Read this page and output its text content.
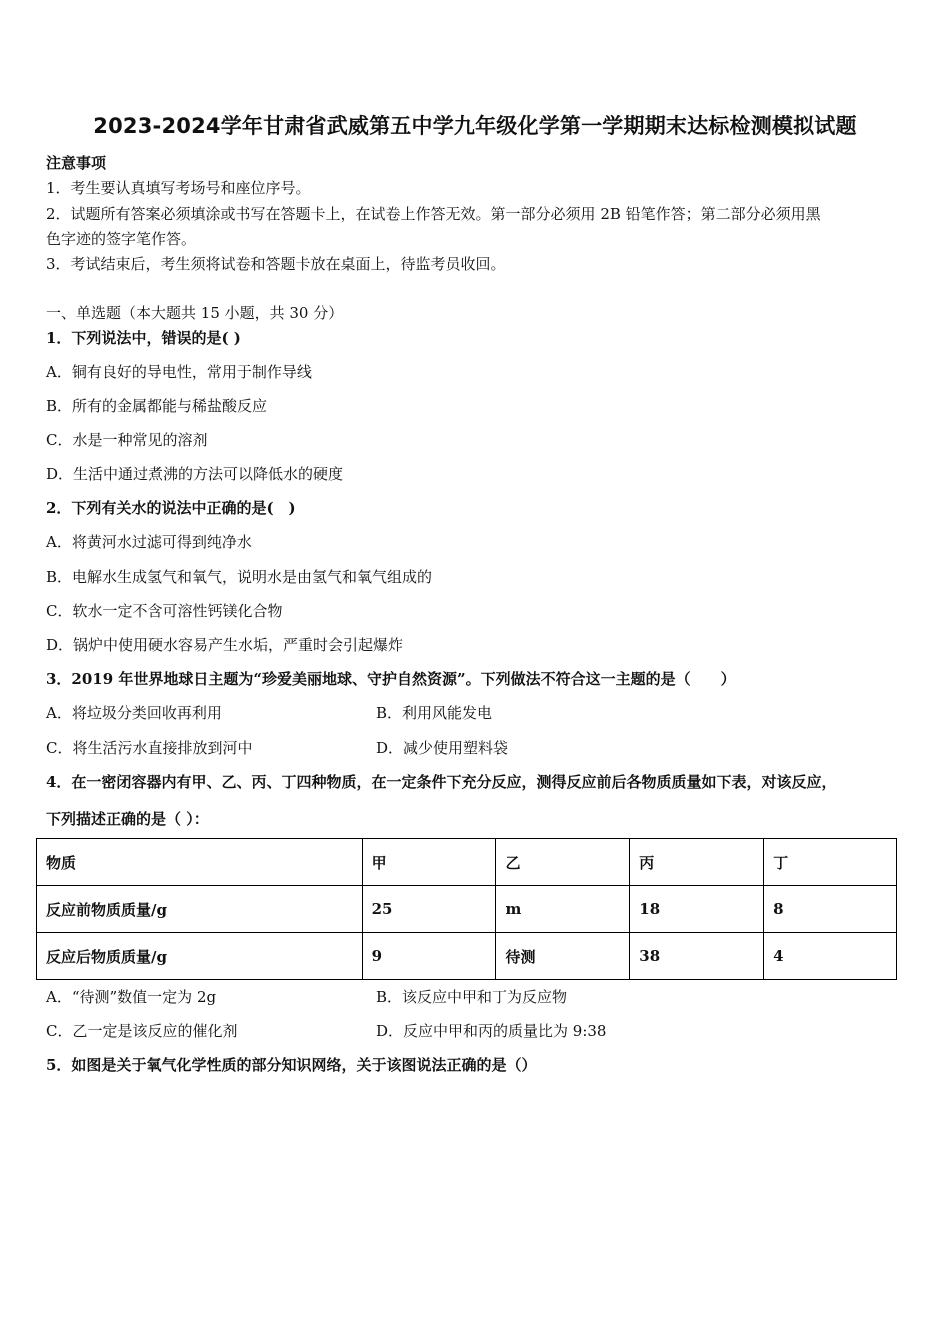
2023-2024学年甘肃省武威第五中学九年级化学第一学期期末达标检测模拟试题
注意事项
1．考生要认真填写考场号和座位序号。
2．试题所有答案必须填涂或书写在答题卡上，在试卷上作答无效。第一部分必须用 2B 铅笔作答；第二部分必须用黑
色字迹的签字笔作答。
3．考试结束后，考生须将试卷和答题卡放在桌面上，待监考员收回。
一、单选题（本大题共 15 小题，共 30 分）
1．下列说法中，错误的是( )
A．铜有良好的导电性，常用于制作导线
B．所有的金属都能与稀盐酸反应
C．水是一种常见的溶剂
D．生活中通过煮沸的方法可以降低水的硬度
2．下列有关水的说法中正确的是(　)
A．将黄河水过滤可得到纯净水
B．电解水生成氢气和氧气，说明水是由氢气和氧气组成的
C．软水一定不含可溶性钙镁化合物
D．锅炉中使用硬水容易产生水垢，严重时会引起爆炸
3．2019 年世界地球日主题为“珍爱美丽地球、守护自然资源”。下列做法不符合这一主题的是（　　）
A．将垃圾分类回收再利用	B．利用风能发电
C．将生活污水直接排放到河中	D．减少使用塑料袋
4．在一密闭容器内有甲、乙、丙、丁四种物质，在一定条件下充分反应，测得反应前后各物质质量如下表，对该反应，
下列描述正确的是（ ）：
物质	甲	乙	丙	丁
反应前物质质量/g	25	m	18	8
反应后物质质量/g	9	待测	38	4
A．“待测”数值一定为 2g	B．该反应中甲和丁为反应物
C．乙一定是该反应的催化剂	D．反应中甲和丙的质量比为 9:38
5．如图是关于氧气化学性质的部分知识网络，关于该图说法正确的是（）
